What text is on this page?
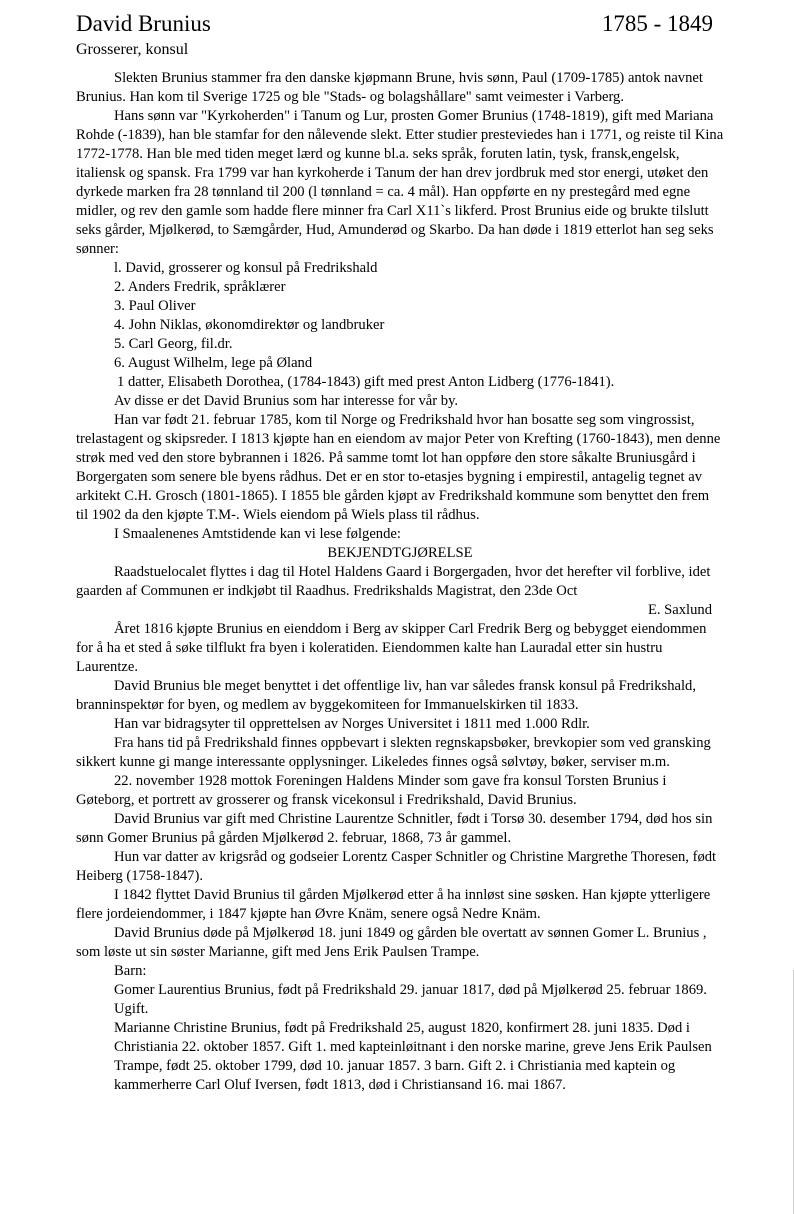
David Brunius	1785 - 1849
Grosserer, konsul

Slekten Brunius stammer fra den danske kjøpmann Brune, hvis sønn, Paul (1709-1785) antok navnet Brunius. Han kom til Sverige 1725 og ble "Stads- og bolagshållare" samt veimester i Varberg.

Hans sønn var "Kyrkoherden" i Tanum og Lur, prosten Gomer Brunius (1748-1819), gift med Mariana Rohde (-1839), han ble stamfar for den nålevende slekt. Etter studier presteviedes han i 1771, og reiste til Kina 1772-1778. Han ble med tiden meget lærd og kunne bl.a. seks språk, foruten latin, tysk, fransk,engelsk, italiensk og spansk. Fra 1799 var han kyrkoherde i Tanum der han drev jordbruk med stor energi, utøket den dyrkede marken fra 28 tønnland til 200 (l tønnland = ca. 4 mål). Han oppførte en ny prestegård med egne midler, og rev den gamle som hadde flere minner fra Carl X11`s likferd. Prost Brunius eide og brukte tilslutt seks gårder, Mjølkerød, to Sæmgårder, Hud, Amunderød og Skarbo. Da han døde i 1819 etterlot han seg seks sønner:

l. David, grosserer og konsul på Fredrikshald

2. Anders Fredrik, språklærer

3. Paul Oliver

4. John Niklas, økonomdirektør og landbruker

5. Carl Georg, fil.dr.

6. August Wilhelm, lege på Øland

1 datter, Elisabeth Dorothea, (1784-1843) gift med prest Anton Lidberg (1776-1841).

Av disse er det David Brunius som har interesse for vår by.

Han var født 21. februar 1785, kom til Norge og Fredrikshald hvor han bosatte seg som vingrossist, trelastagent og skipsreder. I 1813 kjøpte han en eiendom av major Peter von Krefting (1760-1843), men denne strøk med ved den store bybrannen i 1826. På samme tomt lot han oppføre den store såkalte Bruniusgård i Borgergaten som senere ble byens rådhus. Det er en stor to-etasjes bygning i empirestil, antagelig tegnet av arkitekt C.H. Grosch (1801-1865). I 1855 ble gården kjøpt av Fredrikshald kommune som benyttet den frem til 1902 da den kjøpte T.M-. Wiels eiendom på Wiels plass til rådhus.

I Smaalenenes Amtstidende kan vi lese følgende:

BEKJENDTGJØRELSE

Raadstuelocalet flyttes i dag til Hotel Haldens Gaard i Borgergaden, hvor det herefter vil forblive, idet gaarden af Communen er indkjøbt til Raadhus. Fredrikshalds Magistrat, den 23de Oct

E. Saxlund

Året 1816 kjøpte Brunius en eienddom i Berg av skipper Carl Fredrik Berg og bebygget eiendommen for å ha et sted å søke tilflukt fra byen i koleratiden. Eiendommen kalte han Lauradal etter sin hustru Laurentze.

David Brunius ble meget benyttet i det offentlige liv, han var således fransk konsul på Fredrikshald, branninspektør for byen, og medlem av byggekomiteen for Immanuelskirken til 1833.

Han var bidragsyter til opprettelsen av Norges Universitet i 1811 med 1.000 Rdlr.

Fra hans tid på Fredrikshald finnes oppbevart i slekten regnskapsbøker, brevkopier som ved gransking sikkert kunne gi mange interessante opplysninger. Likeledes finnes også sølvtøy, bøker, serviser m.m.

22. november 1928 mottok Foreningen Haldens Minder som gave fra konsul Torsten Brunius i Gøteborg, et portrett av grosserer og fransk vicekonsul i Fredrikshald, David Brunius.

David Brunius var gift med Christine Laurentze Schnitler, født i Torsø 30. desember 1794, død hos sin sønn Gomer Brunius på gården Mjølkerød 2. februar, 1868, 73 år gammel.

Hun var datter av krigsråd og godseier Lorentz Casper Schnitler og Christine Margrethe Thoresen, født Heiberg (1758-1847).

I 1842 flyttet David Brunius til gården Mjølkerød etter å ha innløst sine søsken. Han kjøpte ytterligere flere jordeiendommer, i 1847 kjøpte han Øvre Knäm, senere også Nedre Knäm.

David Brunius døde på Mjølkerød 18. juni 1849 og gården ble overtatt av sønnen Gomer L. Brunius , som løste ut sin søster Marianne, gift med Jens Erik Paulsen Trampe.

Barn:

Gomer Laurentius Brunius, født på Fredrikshald 29. januar 1817, død på Mjølkerød 25. februar 1869. Ugift.

Marianne Christine Brunius, født på Fredrikshald 25, august 1820, konfirmert 28. juni 1835. Død i Christiania 22. oktober 1857. Gift 1. med kapteinløitnant i den norske marine, greve Jens Erik Paulsen Trampe, født 25. oktober 1799, død 10. januar 1857. 3 barn. Gift 2. i Christiania med kaptein og kammerherre Carl Oluf Iversen, født 1813, død i Christiansand 16. mai 1867.
